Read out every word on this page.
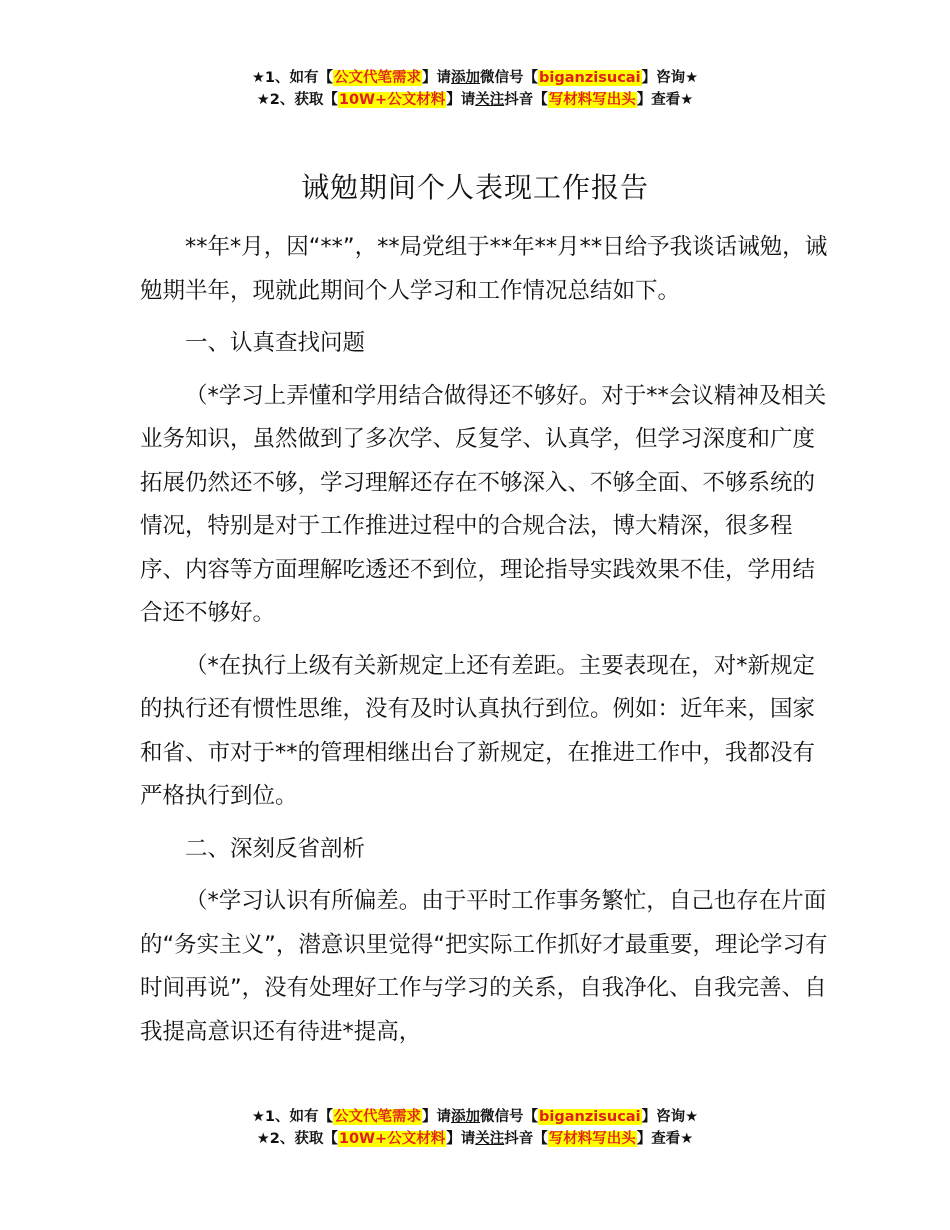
★1、如有【公文代笔需求】请添加微信号【biganzisucai】咨询★
★2、获取【10W+公文材料】请关注抖音【写材料写出头】查看★
诫勉期间个人表现工作报告

**年*月，因“**”，**局党组于**年**月**日给予我谈话诫勉，诫勉期半年，现就此期间个人学习和工作情况总结如下。

一、认真查找问题

（*学习上弄懂和学用结合做得还不够好。对于**会议精神及相关业务知识，虽然做到了多次学、反复学、认真学，但学习深度和广度拓展仍然还不够，学习理解还存在不够深入、不够全面、不够系统的情况，特别是对于工作推进过程中的合规合法，博大精深，很多程序、内容等方面理解吃透还不到位，理论指导实践效果不佳，学用结合还不够好。

（*在执行上级有关新规定上还有差距。主要表现在，对*新规定的执行还有惯性思维，没有及时认真执行到位。例如：近年来，国家和省、市对于**的管理相继出台了新规定，在推进工作中，我都没有严格执行到位。

二、深刻反省剖析

（*学习认识有所偏差。由于平时工作事务繁忙，自己也存在片面的“务实主义”，潜意识里觉得“把实际工作抓好才最重要，理论学习有时间再说”，没有处理好工作与学习的关系，自我净化、自我完善、自我提高意识还有待进*提高，

★1、如有【公文代笔需求】请添加微信号【biganzisucai】咨询★
★2、获取【10W+公文材料】请关注抖音【写材料写出头】查看★
